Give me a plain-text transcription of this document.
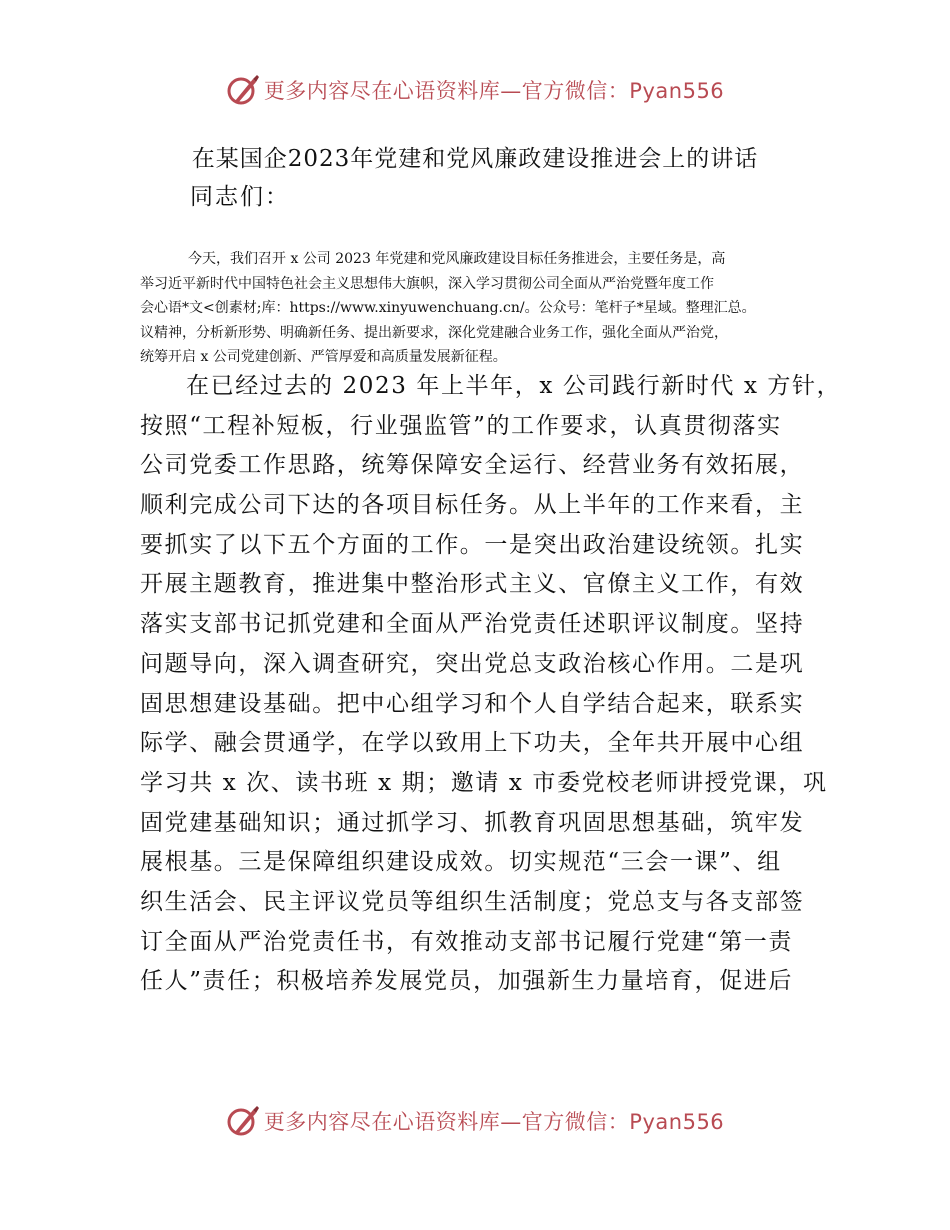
更多内容尽在心语资料库—官方微信：Pyan556
在某国企2023年党建和党风廉政建设推进会上的讲话
同志们：
今天，我们召开 x 公司 2023 年党建和党风廉政建设目标任务推进会，主要任务是，高
举习近平新时代中国特色社会主义思想伟大旗帜，深入学习贯彻公司全面从严治党暨年度工作
会心语*文<创素材;库：https://www.xinyuwenchuang.cn/。公众号：笔杆子*星域。整理汇总。
议精神，分析新形势、明确新任务、提出新要求，深化党建融合业务工作，强化全面从严治党，
统筹开启 x 公司党建创新、严管厚爱和高质量发展新征程。
在已经过去的 2023 年上半年，x 公司践行新时代 x 方针，
按照“工程补短板，行业强监管”的工作要求，认真贯彻落实
公司党委工作思路，统筹保障安全运行、经营业务有效拓展，
顺利完成公司下达的各项目标任务。从上半年的工作来看，主
要抓实了以下五个方面的工作。一是突出政治建设统领。扎实
开展主题教育，推进集中整治形式主义、官僚主义工作，有效
落实支部书记抓党建和全面从严治党责任述职评议制度。坚持
问题导向，深入调查研究，突出党总支政治核心作用。二是巩
固思想建设基础。把中心组学习和个人自学结合起来，联系实
际学、融会贯通学，在学以致用上下功夫，全年共开展中心组
学习共 x 次、读书班 x 期；邀请 x 市委党校老师讲授党课，巩
固党建基础知识；通过抓学习、抓教育巩固思想基础，筑牢发
展根基。三是保障组织建设成效。切实规范“三会一课”、组
织生活会、民主评议党员等组织生活制度；党总支与各支部签
订全面从严治党责任书，有效推动支部书记履行党建“第一责
任人”责任；积极培养发展党员，加强新生力量培育，促进后
更多内容尽在心语资料库—官方微信：Pyan556
